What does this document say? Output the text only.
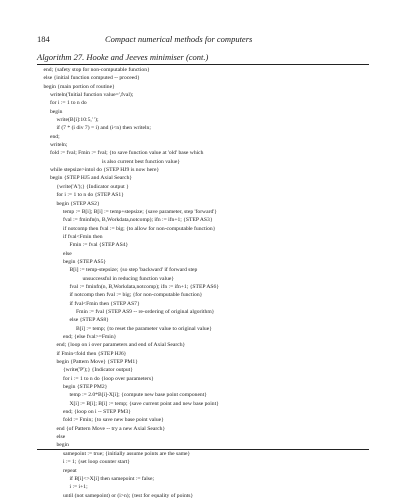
184	Compact numerical methods for computers
Algorithm 27. Hooke and Jeeves minimiser (cont.)
end; {safety stop for non-computable function}
else {initial function computed -- proceed}
begin {main portion of routine}
writeln('Initial function value=',fval);
for i := 1 to n do
begin
write(B[i]:10:5,' ');
if (7 * (i div 7) = i) and (i<n) then writeln;
end;
writeln;
fold := fval; Fmin := fval; {to save function value at 'old' base which
is also current best function value}
while stepsize>intol do {STEP HJ9 is now here}
begin {STEP HJ5 and Axial Search}
{write('A');} {Indicator output }
for i := 1 to n do {STEP AS1}
begin {STEP AS2}
temp := B[i]; B[i] := temp+stepsize; {save parameter, step 'forward'}
fval := fminfn(n, B,Workdata,notcomp); ifn := ifn+1; {STEP AS3}
if notcomp then fval := big; {to allow for non-computable function}
if fval<Fmin then
Fmin := fval {STEP AS4}
else
begin {STEP AS5}
B[i] := temp-stepsize; {so step 'backward' if forward step
unsuccessful in reducing function value}
fval := fminfn(n, B,Workdata,notcomp); ifn := ifn+1; {STEP AS6}
if notcomp then fval := big; {for non-computable function}
if fval<Fmin then {STEP AS7}
Fmin := fval {STEP AS9 -- re-ordering of original algorithm}
else {STEP AS8}
B[i] := temp; {to reset the parameter value to original value}
end; {else fval>=Fmin}
end; {loop on i over parameters and end of Axial Search}
if Fmin<fold then {STEP HJ6}
begin {Pattern Move} {STEP PM1}
{write('P');} {Indicator output}
for i := 1 to n do {loop over parameters}
begin {STEP PM2}
temp := 2.0*B[i]-X[i]; {compute new base point component}
X[i] := B[i]; B[i] := temp; {save current point and new base point}
end; {loop on i -- STEP PM3}
fold := Fmin; {to save new base point value}
end {of Pattern Move -- try a new Axial Search}
else
begin
samepoint := true; {initially assume points are the same}
i := 1; {set loop counter start}
repeat
if B[i]<>X[i] then samepoint := false;
i := i+1;
until (not samepoint) or (i>n); {test for equality of points}
